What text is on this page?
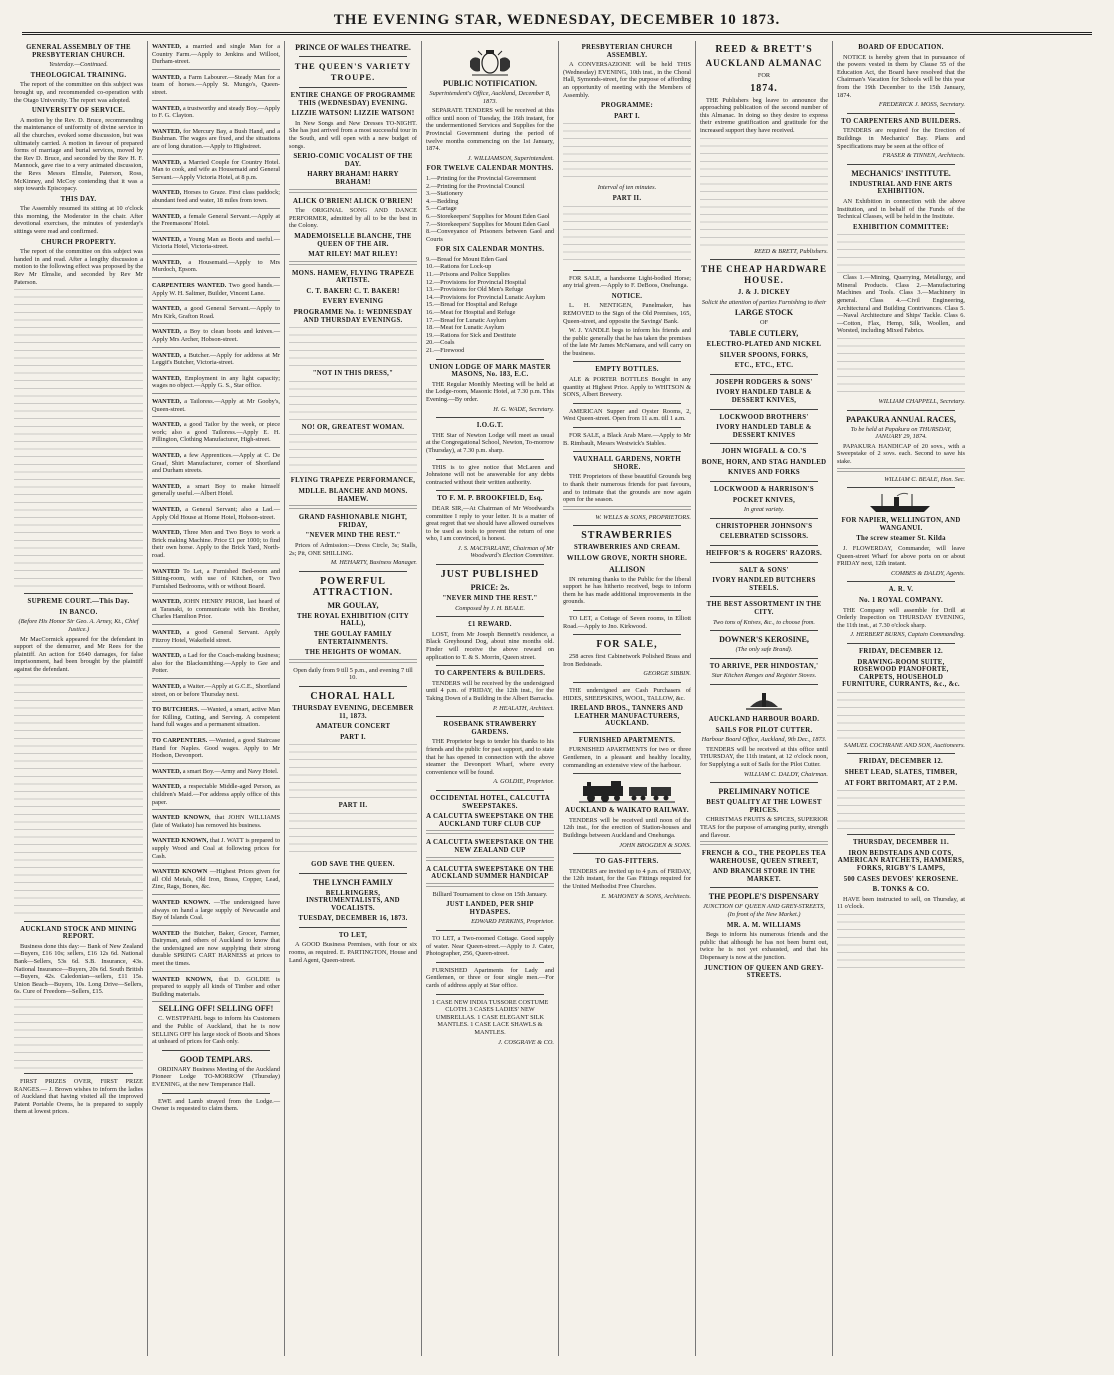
THE EVENING STAR, WEDNESDAY, DECEMBER 10 1873.
GENERAL ASSEMBLY OF THE PRESBYTERIAN CHURCH.
Yesterday.—Continued.
THEOLOGICAL TRAINING.

The report of the committee on this subject was brought up, and recommended co-operation with the Otago University. The report was adopted.

UNIVERSITY OF SERVICE.

A motion by the Rev. D. Bruce, recommending the maintenance of uniformity of divine service in all the churches, evoked some discussion, but was ultimately carried. A motion in favour of prepared forms of marriage and burial services, moved by the Rev D. Bruce, and seconded by the Rev H. F. Mannock, gave rise to a very animated discussion, the Revs Messrs Elmslie, Paterson, Ross, McKinney, and McCoy contending that it was a step towards Episcopacy.

THIS DAY.

The Assembly resumed its sitting at 10 o'clock this morning, the Moderator in the chair. After devotional exercises, the minutes of yesterday's sittings were read and confirmed.

CHURCH PROPERTY.

The report of the committee on this subject was handed in and read. After a lengthy discussion a motion to the following effect was proposed by the Rev Mr Elmslie, and seconded by Rev Mr Paterson.

SUPREME COURT.—This Day.
IN BANCO.
(Before His Honor Sir Geo. A. Arney, Kt., Chief Justice.)

Mr MacCormick appeared for the defendant in support of the demurrer, and Mr Rees for the plaintiff. An action for £640 damages, for false imprisonment, had been brought by the plaintiff against the defendant.

AUCKLAND STOCK AND MINING REPORT.

Business done this day:— Bank of New Zealand—Buyers, £16 10s; sellers, £16 12s 6d. National Bank—Sellers, 53s 6d. S.B. Insurance, 43s. National Insurance—Buyers, 20s 6d. South British—Buyers, 42s. Caledonian—sellers, £11 15s. Union Beach—Buyers, 10s. Long Drive—Sellers, 6s. Cure of Freedom—Sellers, £15.

FIRST PRIZES OVER, FIRST PRIZE RANGES.— J. Brown wishes to inform the ladies of Auckland that having visited all the improved Patent Portable Ovens, he is prepared to supply them at lowest prices.

WANTED, a married and single Man for a Country Farm.—Apply to Jenkins and Willoot, Durham-street.
WANTED, a Farm Labourer.—Steady Man for a team of horses.—Apply St. Mungo's, Queen-street.
WANTED, a trustworthy and steady Boy.—Apply to F. G. Clayton.
WANTED, for Mercury Bay, a Bush Hand, and a Bushman. The wages are fixed, and the situations are of long duration.—Apply to Highstreet.
WANTED, a Married Couple for Country Hotel. Man to cook, and wife as Housemaid and General Servant.—Apply Victoria Hotel, at 8 p.m.
WANTED, Horses to Graze. First class paddock; abundant feed and water, 18 miles from town.
WANTED, a female General Servant.—Apply at the Freemasons' Hotel.
WANTED, a Young Man as Boots and useful.—Victoria Hotel, Victoria-street.
WANTED, a Housemaid.—Apply to Mrs Murdoch, Epsom.
CARPENTERS WANTED. Two good hands.—Apply W. H. Saltmer, Builder, Vincent Lane.
WANTED, a good General Servant.—Apply to Mrs Kirk, Grafton Road.
WANTED, a Boy to clean boots and knives.—Apply Mrs Archer, Hobson-street.
WANTED, a Butcher.—Apply for address at Mr Leggit's Butcher, Victoria-street.
WANTED, Employment in any light capacity; wages no object.—Apply G. S., Star office.
WANTED, a Tailoress.—Apply at Mr Gooby's, Queen-street.
WANTED, a good Tailor by the week, or piece work; also a good Tailoress.—Apply E. H. Pillington, Clothing Manufacturer, High-street.
WANTED, a few Apprentices.—Apply at C. De Graaf, Shirt Manufacturer, corner of Shortland and Durham streets.
WANTED, a smart Boy to make himself generally useful.—Albert Hotel.
WANTED, a General Servant; also a Lad.—Apply Old House at Home Hotel, Hobson-street.
WANTED, Three Men and Two Boys to work a Brick making Machine. Price £1 per 1000; to find their own horse. Apply to the Brick Yard, North-road.
WANTED To Let, a Furnished Bed-room and Sitting-room, with use of Kitchen, or Two Furnished Bedrooms, with or without Board.
WANTED, JOHN HENRY PRIOR, last heard of at Taranaki, to communicate with his Brother, Charles Hamilton Prior.
WANTED, a good General Servant. Apply Fitzroy Hotel, Wakefield street.
WANTED, a Lad for the Coach-making business; also for the Blacksmithing.—Apply to Gee and Potter.
WANTED, a Waiter.—Apply at G.C.E., Shortland street, on or before Thursday next.
TO BUTCHERS. —Wanted, a smart, active Man for Killing, Cutting, and Serving. A competent hand full wages and a permanent situation.
TO CARPENTERS. —Wanted, a good Staircase Hand for Naples. Good wages. Apply to Mr Hodson, Devonport.
WANTED, a smart Boy.—Army and Navy Hotel.
WANTED, a respectable Middle-aged Person, as children's Maid.—For address apply office of this paper.
WANTED KNOWN, that JOHN WILLIAMS (late of Waikato) has removed his business.
WANTED KNOWN, that J. WATT is prepared to supply Wood and Coal at following prices for Cash.
WANTED KNOWN —Highest Prices given for all Old Metals, Old Iron, Brass, Copper, Lead, Zinc, Rags, Bones, &c.
WANTED KNOWN. —The undersigned have always on hand a large supply of Newcastle and Bay of Islands Coal.
WANTED the Butcher, Baker, Grocer, Farmer, Dairyman, and others of Auckland to know that the undersigned are now supplying their strong durable SPRING CART HARNESS at prices to meet the times.
WANTED KNOWN, that D. GOLDIE is prepared to supply all kinds of Timber and other Building materials.
SELLING OFF! SELLING OFF!

C. WESTPFAHL begs to inform his Customers and the Public of Auckland, that he is now SELLING OFF his large stock of Boots and Shoes at unheard of prices for Cash only.

GOOD TEMPLARS.

ORDINARY Business Meeting of the Auckland Pioneer Lodge TO-MORROW (Thursday) EVENING, at the new Temperance Hall.

EWE and Lamb strayed from the Lodge.—Owner is requested to claim them.

PRINCE OF WALES THEATRE.
THE QUEEN'S VARIETY TROUPE.
ENTIRE CHANGE OF PROGRAMME THIS (WEDNESDAY) EVENING.
LIZZIE WATSON! LIZZIE WATSON!

In New Songs and New Dresses TO-NIGHT. She has just arrived from a most successful tour in the South, and will open with a new budget of songs.

SERIO-COMIC VOCALIST OF THE DAY.
HARRY BRAHAM! HARRY BRAHAM!
ALICK O'BRIEN! ALICK O'BRIEN!

The ORIGINAL SONG AND DANCE PERFORMER, admitted by all to be the best in the Colony.

MADEMOISELLE BLANCHE, THE QUEEN OF THE AIR.
MAT RILEY! MAT RILEY!
MONS. HAMEW, FLYING TRAPEZE ARTISTE.
C. T. BAKER! C. T. BAKER!
EVERY EVENING
PROGRAMME No. 1: WEDNESDAY AND THURSDAY EVENINGS.
"NOT IN THIS DRESS,"
NO! OR, GREATEST WOMAN.
FLYING TRAPEZE PERFORMANCE,
MDLLE. BLANCHE AND MONS. HAMEW.
GRAND FASHIONABLE NIGHT, FRIDAY,
"NEVER MIND THE REST."

Prices of Admission:—Dress Circle, 3s; Stalls, 2s; Pit, ONE SHILLING.

M. HEHARTY, Business Manager.
POWERFUL ATTRACTION.
MR GOULAY,
THE ROYAL EXHIBITION (CITY HALL),
THE GOULAY FAMILY ENTERTAINMENTS.
THE HEIGHTS OF WOMAN.

Open daily from 9 till 5 p.m., and evening 7 till 10.

CHORAL HALL
THURSDAY EVENING, DECEMBER 11, 1873.
AMATEUR CONCERT
PART I.
PART II.
GOD SAVE THE QUEEN.
THE LYNCH FAMILY
BELLRINGERS, INSTRUMENTALISTS, AND VOCALISTS.
TUESDAY, DECEMBER 16, 1873.
TO LET,

A GOOD Business Premises, with four or six rooms, as required. E. PARTINGTON, House and Land Agent, Queen-street.

PUBLIC NOTIFICATION.
Superintendent's Office, Auckland, December 8, 1873.

SEPARATE TENDERS will be received at this office until noon of Tuesday, the 16th instant, for the undermentioned Services and Supplies for the Provincial Government during the period of twelve months commencing on the 1st January, 1874.

J. WILLIAMSON, Superintendent.
FOR TWELVE CALENDAR MONTHS.
1.—Printing for the Provincial Government
2.—Printing for the Provincial Council
3.—Stationery
4.—Bedding
5.—Cartage
6.—Storekeepers' Supplies for Mount Eden Gaol
7.—Storekeepers' Supplies for Mount Eden Gaol
8.—Conveyance of Prisoners between Gaol and Courts
FOR SIX CALENDAR MONTHS.
9.—Bread for Mount Eden Gaol
10.—Rations for Lock-up
11.—Prisons and Police Supplies
12.—Provisions for Provincial Hospital
13.—Provisions for Old Men's Refuge
14.—Provisions for Provincial Lunatic Asylum
15.—Bread for Hospital and Refuge
16.—Meat for Hospital and Refuge
17.—Bread for Lunatic Asylum
18.—Meat for Lunatic Asylum
19.—Rations for Sick and Destitute
20.—Coals
21.—Firewood
UNION LODGE OF MARK MASTER MASONS, No. 183, E.C.

THE Regular Monthly Meeting will be held at the Lodge-room, Masonic Hotel, at 7.30 p.m. This Evening.—By order.

H. G. WADE, Secretary.
I.O.G.T.

THE Star of Newton Lodge will meet as usual at the Congregational School, Newton, To-morrow (Thursday), at 7.30 p.m. sharp.

THIS is to give notice that McLaren and Johnstone will not be answerable for any debts contracted without their written authority.

TO F. M. P. BROOKFIELD, Esq.

DEAR SIR,—At Chairman of Mr Woodward's committee I reply to your letter. It is a matter of great regret that we should have allowed ourselves to be used as tools to prevent the return of one who, I am convinced, is honest.

J. S. MACFARLANE, Chairman of Mr Woodward's Election Committee.
JUST PUBLISHED
PRICE: 2s.
"NEVER MIND THE REST."
Composed by J. H. BEALE.
£1 REWARD.

LOST, from Mr Joseph Bennett's residence, a Black Greyhound Dog, about nine months old. Finder will receive the above reward on application to T. & S. Morrin, Queen street.

TO CARPENTERS & BUILDERS.

TENDERS will be received by the undersigned until 4 p.m. of FRIDAY, the 12th inst., for the Taking Down of a Building in the Albert Barracks.

P. HEALATH, Architect.
ROSEBANK STRAWBERRY GARDENS.

THE Proprietor begs to tender his thanks to his friends and the public for past support, and to state that he has opened in connection with the above steamer the Devonport Wharf, where every convenience will be found.

A. GOLDIE, Proprietor.
OCCIDENTAL HOTEL, CALCUTTA SWEEPSTAKES.
A CALCUTTA SWEEPSTAKE ON THE AUCKLAND TURF CLUB CUP
A CALCUTTA SWEEPSTAKE ON THE NEW ZEALAND CUP
A CALCUTTA SWEEPSTAKE ON THE AUCKLAND SUMMER HANDICAP

Billiard Tournament to close on 15th January.

JUST LANDED, PER SHIP HYDASPES.
EDWARD PERKINS, Proprietor.

TO LET, a Two-roomed Cottage. Good supply of water. Near Queen-street.—Apply to J. Cater, Photographer, 256, Queen-street.

FURNISHED Apartments for Lady and Gentlemen, or three or four single men.—For cards of address apply at Star office.

1 CASE NEW INDIA TUSSORE COSTUME CLOTH. 3 CASES LADIES' NEW UMBRELLAS. 1 CASE ELEGANT SILK MANTLES. 1 CASE LACE SHAWLS & MANTLES.

J. COSGRAVE & CO.
PRESBYTERIAN CHURCH ASSEMBLY.

A CONVERSAZIONE will be held THIS (Wednesday) EVENING, 10th inst., in the Choral Hall, Symonds-street, for the purpose of affording an opportunity of meeting with the Members of Assembly.

PROGRAMME:
PART I.
Interval of ten minutes.
PART II.

FOR SALE, a handsome Light-bodied Horse; any trial given.—Apply to F. DeBoos, Onehunga.

NOTICE.

L. H. NENTIGEN, Panelmaker, has REMOVED to the Sign of the Old Premises, 165, Queen-street, and opposite the Savings' Bank.

W. J. YANDLE begs to inform his friends and the public generally that he has taken the premises of the late Mr James McNamara, and will carry on the business.

EMPTY BOTTLES.

ALE & PORTER BOTTLES Bought in any quantity at Highest Price. Apply to WHITSON & SONS, Albert Brewery.

AMERICAN Supper and Oyster Rooms, 2, West Queen-street. Open from 11 a.m. till 1 a.m.

FOR SALE, a Black Arab Mare.—Apply to Mr B. Rimbault, Messrs Westwick's Stables.

VAUXHALL GARDENS, NORTH SHORE.

THE Proprietors of these beautiful Grounds beg to thank their numerous friends for past favours, and to intimate that the grounds are now again open for the season.

W. WELLS & SONS, PROPRIETORS.
STRAWBERRIES
STRAWBERRIES AND CREAM.
WILLOW GROVE, NORTH SHORE.
ALLISON

IN returning thanks to the Public for the liberal support he has hitherto received, begs to inform them he has made additional improvements in the grounds.

TO LET, a Cottage of Seven rooms, in Elliott Road.—Apply to Jno. Kirkwood.

FOR SALE,

258 acres first Cabinetwork Polished Brass and Iron Bedsteads.

GEORGE SIBBIN.

THE undersigned are Cash Purchasers of HIDES, SHEEPSKINS, WOOL, TALLOW, &c.

IRELAND BROS., TANNERS AND LEATHER MANUFACTURERS, AUCKLAND.
FURNISHED APARTMENTS.

FURNISHED APARTMENTS for two or three Gentlemen, in a pleasant and healthy locality, commanding an extensive view of the harbour.

AUCKLAND & WAIKATO RAILWAY.

TENDERS will be received until noon of the 12th inst., for the erection of Station-houses and Buildings between Auckland and Onehunga.

JOHN BROGDEN & SONS.
TO GAS-FITTERS.

TENDERS are invited up to 4 p.m. of FRIDAY, the 12th instant, for the Gas Fittings required for the United Methodist Free Churches.

E. MAHONEY & SONS, Architects.
REED & BRETT'S
AUCKLAND ALMANAC
FOR
1874.

THE Publishers beg leave to announce the approaching publication of the second number of this Almanac. In doing so they desire to express their extreme gratification and gratitude for the increased support they have received.

REED & BRETT, Publishers.
THE CHEAP HARDWARE HOUSE.
J. & J. DICKEY
Solicit the attention of parties Furnishing to their
LARGE STOCK
OF
TABLE CUTLERY,
ELECTRO-PLATED AND NICKEL
SILVER SPOONS, FORKS,
ETC., ETC., ETC.
JOSEPH RODGERS & SONS'
IVORY HANDLED TABLE & DESSERT KNIVES,
LOCKWOOD BROTHERS'
IVORY HANDLED TABLE & DESSERT KNIVES
JOHN WIGFALL & CO.'S
BONE, HORN, AND STAG HANDLED
KNIVES AND FORKS
LOCKWOOD & HARRISON'S
POCKET KNIVES,
In great variety.
CHRISTOPHER JOHNSON'S
CELEBRATED SCISSORS.
HEIFFOR'S & ROGERS' RAZORS.
SALT & SONS'
IVORY HANDLED BUTCHERS STEELS.
THE BEST ASSORTMENT IN THE CITY.
Two tons of Knives, &c., to choose from.
DOWNER'S KEROSINE,
(The only safe Brand).
TO ARRIVE, PER HINDOSTAN,'
Star Kitchen Ranges and Register Stoves.
AUCKLAND HARBOUR BOARD.
SAILS FOR PILOT CUTTER.
Harbour Board Office, Auckland, 9th Dec., 1873.

TENDERS will be received at this office until THURSDAY, the 11th instant, at 12 o'clock noon, for Supplying a suit of Sails for the Pilot Cutter.

WILLIAM C. DALDY, Chairman.
PRELIMINARY NOTICE
BEST QUALITY AT THE LOWEST PRICES.

CHRISTMAS FRUITS & SPICES, SUPERIOR TEAS for the purpose of arranging purity, strength and flavour.

FRENCH & CO., THE PEOPLES TEA WAREHOUSE, QUEEN STREET,
AND BRANCH STORE IN THE MARKET.
THE PEOPLE'S DISPENSARY
JUNCTION OF QUEEN AND GREY-STREETS, (In front of the New Market.)
MR. A. M. WILLIAMS

Begs to inform his numerous friends and the public that although he has not been burnt out, twice he is not yet exhausted, and that his Dispensary is now at the junction.

JUNCTION OF QUEEN AND GREY-STREETS.
BOARD OF EDUCATION.

NOTICE is hereby given that in pursuance of the powers vested in them by Clause 55 of the Education Act, the Board have resolved that the Chairman's Vacation for Schools will be this year from the 19th December to the 15th January, 1874.

FREDERICK J. MOSS, Secretary.
TO CARPENTERS AND BUILDERS.

TENDERS are required for the Erection of Buildings in Mechanics' Bay. Plans and Specifications may be seen at the office of

FRASER & TINNEN, Architects.
MECHANICS' INSTITUTE.
INDUSTRIAL AND FINE ARTS EXHIBITION.

AN Exhibition in connection with the above Institution, and in behalf of the Funds of the Technical Classes, will be held in the Institute.

EXHIBITION COMMITTEE:

Class 1.—Mining, Quarrying, Metallurgy, and Mineral Products. Class 2.—Manufacturing Machines and Tools. Class 3.—Machinery in general. Class 4.—Civil Engineering, Architectural and Building Contrivances. Class 5.—Naval Architecture and Ships' Tackle. Class 6.—Cotton, Flax, Hemp, Silk, Woollen, and Worsted, including Mixed Fabrics.

WILLIAM CHAPPELL, Secretary.
PAPAKURA ANNUAL RACES,
To be held at Papakura on THURSDAY, JANUARY 29, 1874.

PAPAKURA HANDICAP of 20 sovs., with a Sweepstake of 2 sovs. each. Second to save his stake.

WILLIAM C. BEALE, Hon. Sec.
FOR NAPIER, WELLINGTON, AND WANGANUI.
The screw steamer St. Kilda

J. FLOWERDAY, Commander, will leave Queen-street Wharf for above ports on or about FRIDAY next, 12th instant.

COMBES & DALDY, Agents.
A. R. V.
No. 1 ROYAL COMPANY.

THE Company will assemble for Drill at Orderly Inspection on THURSDAY EVENING, the 11th inst., at 7.30 o'clock sharp.

J. HERBERT BURNS, Captain Commanding.
FRIDAY, DECEMBER 12.
DRAWING-ROOM SUITE, ROSEWOOD PIANOFORTE, CARPETS, HOUSEHOLD FURNITURE, CURRANTS, &c., &c.
SAMUEL COCHRANE AND SON, Auctioneers.
FRIDAY, DECEMBER 12.
SHEET LEAD, SLATES, TIMBER,
AT FORT BRITOMART, AT 2 P.M.
THURSDAY, DECEMBER 11.
IRON BEDSTEADS AND COTS, AMERICAN RATCHETS, HAMMERS, FORKS, RIGBY'S LAMPS,
500 CASES DEVOES' KEROSENE.
B. TONKS & CO.

HAVE been instructed to sell, on Thursday, at 11 o'clock.
